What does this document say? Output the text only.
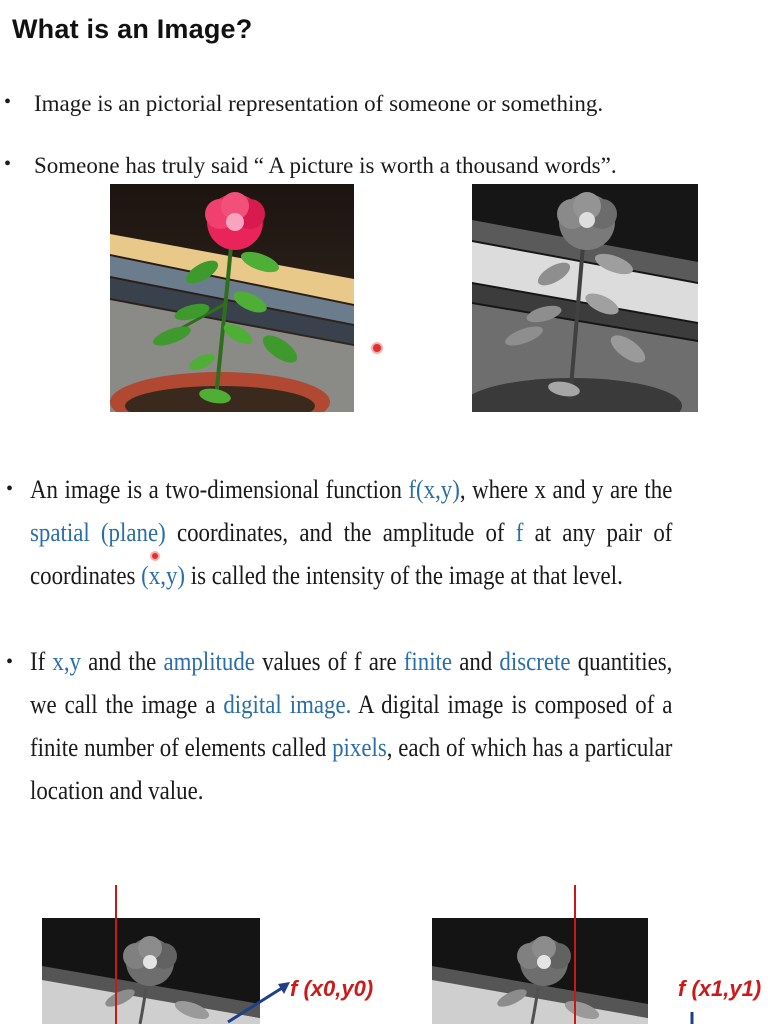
What is an Image?
• Image is an pictorial representation of someone or something.
• Someone has truly said “ A picture is worth a thousand words”.
• An image is a two-dimensional function f(x,y), where x and y are the spatial (plane) coordinates, and the amplitude of f at any pair of coordinates (x,y) is called the intensity of the image at that level.
• If x,y and the amplitude values of f are finite and discrete quantities, we call the image a digital image. A digital image is composed of a finite number of elements called pixels, each of which has a particular location and value.
f (x0,y0)	f (x1,y1)
